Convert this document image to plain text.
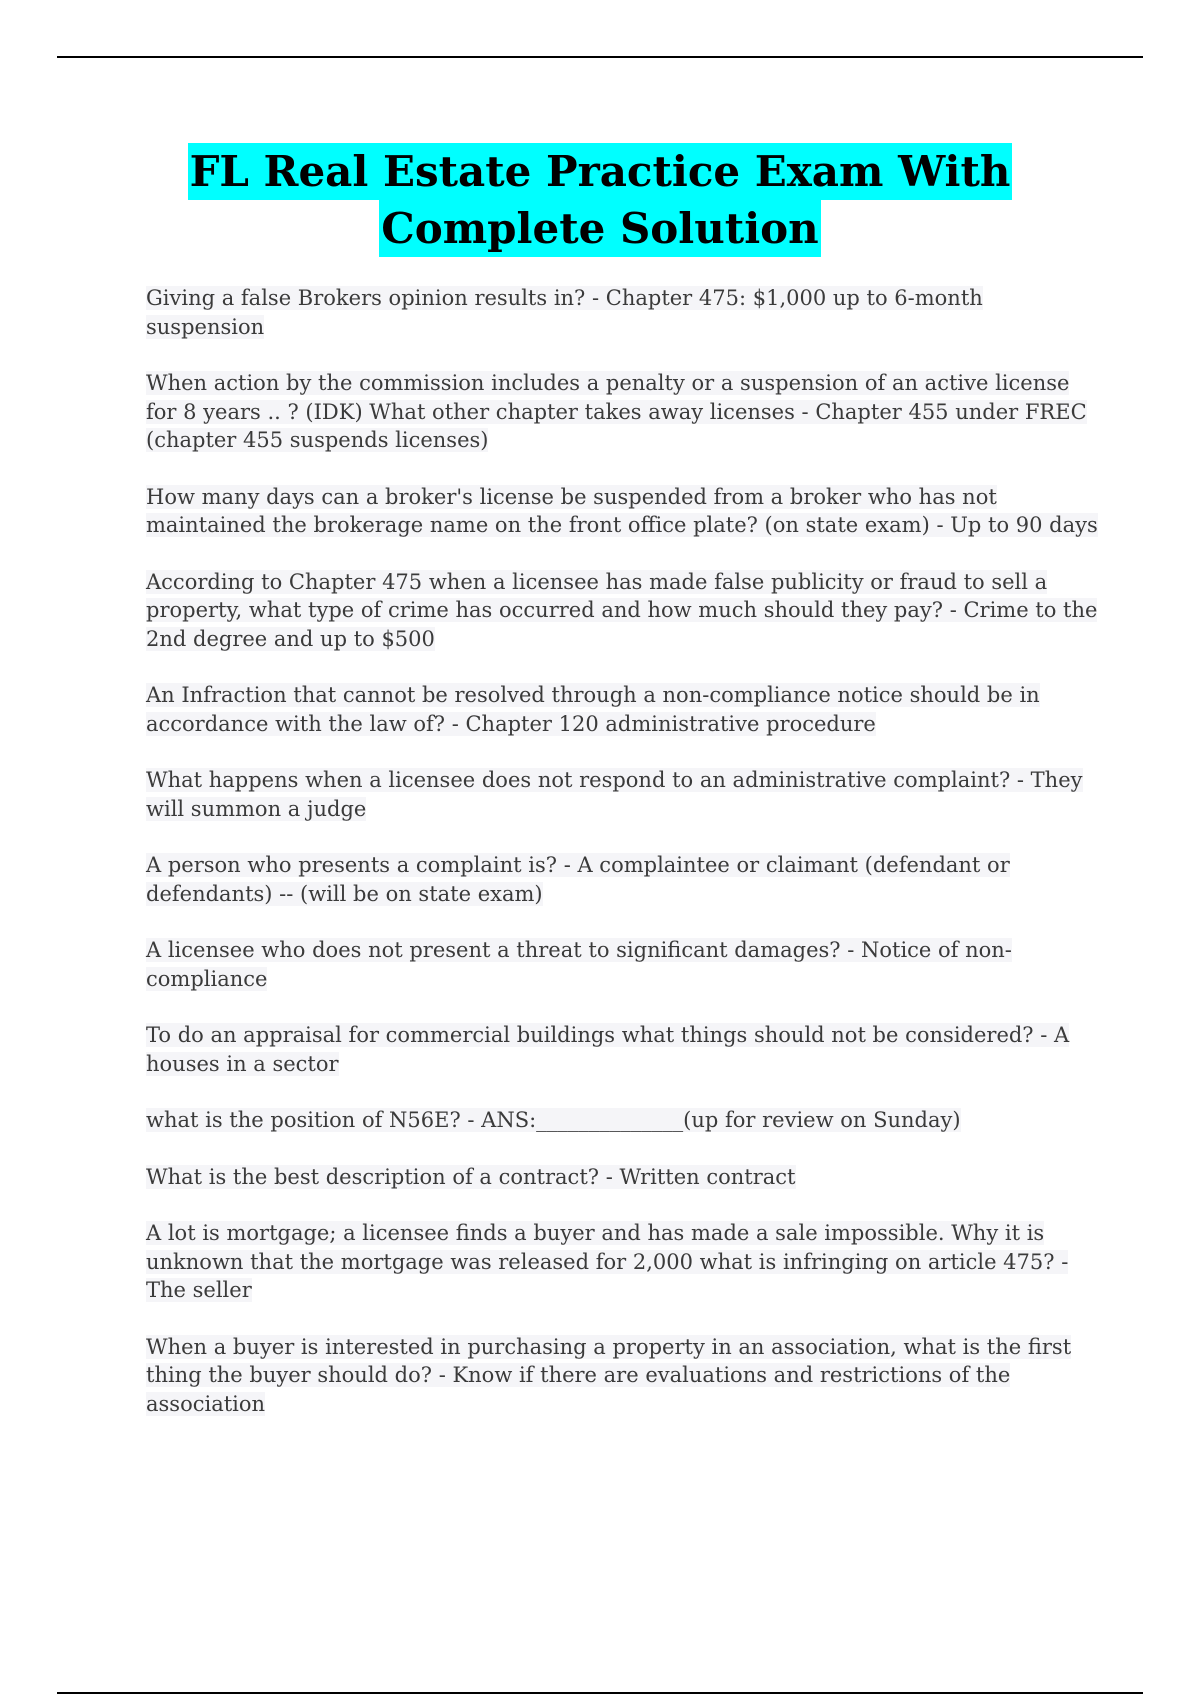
FL Real Estate Practice Exam With
Complete Solution

Giving a false Brokers opinion results in? - Chapter 475: $1,000 up to 6-month suspension

When action by the commission includes a penalty or a suspension of an active license for 8 years .. ? (IDK) What other chapter takes away licenses - Chapter 455 under FREC (chapter 455 suspends licenses)

How many days can a broker's license be suspended from a broker who has not maintained the brokerage name on the front office plate? (on state exam) - Up to 90 days

According to Chapter 475 when a licensee has made false publicity or fraud to sell a property, what type of crime has occurred and how much should they pay? - Crime to the 2nd degree and up to $500

An Infraction that cannot be resolved through a non-compliance notice should be in accordance with the law of? - Chapter 120 administrative procedure

What happens when a licensee does not respond to an administrative complaint? - They will summon a judge

A person who presents a complaint is? - A complaintee or claimant (defendant or defendants) -- (will be on state exam)

A licensee who does not present a threat to significant damages? - Notice of non-compliance

To do an appraisal for commercial buildings what things should not be considered? - A houses in a sector

what is the position of N56E? - ANS:______________(up for review on Sunday)

What is the best description of a contract? - Written contract

A lot is mortgage; a licensee finds a buyer and has made a sale impossible. Why it is unknown that the mortgage was released for 2,000 what is infringing on article 475? - The seller

When a buyer is interested in purchasing a property in an association, what is the first thing the buyer should do? - Know if there are evaluations and restrictions of the association
